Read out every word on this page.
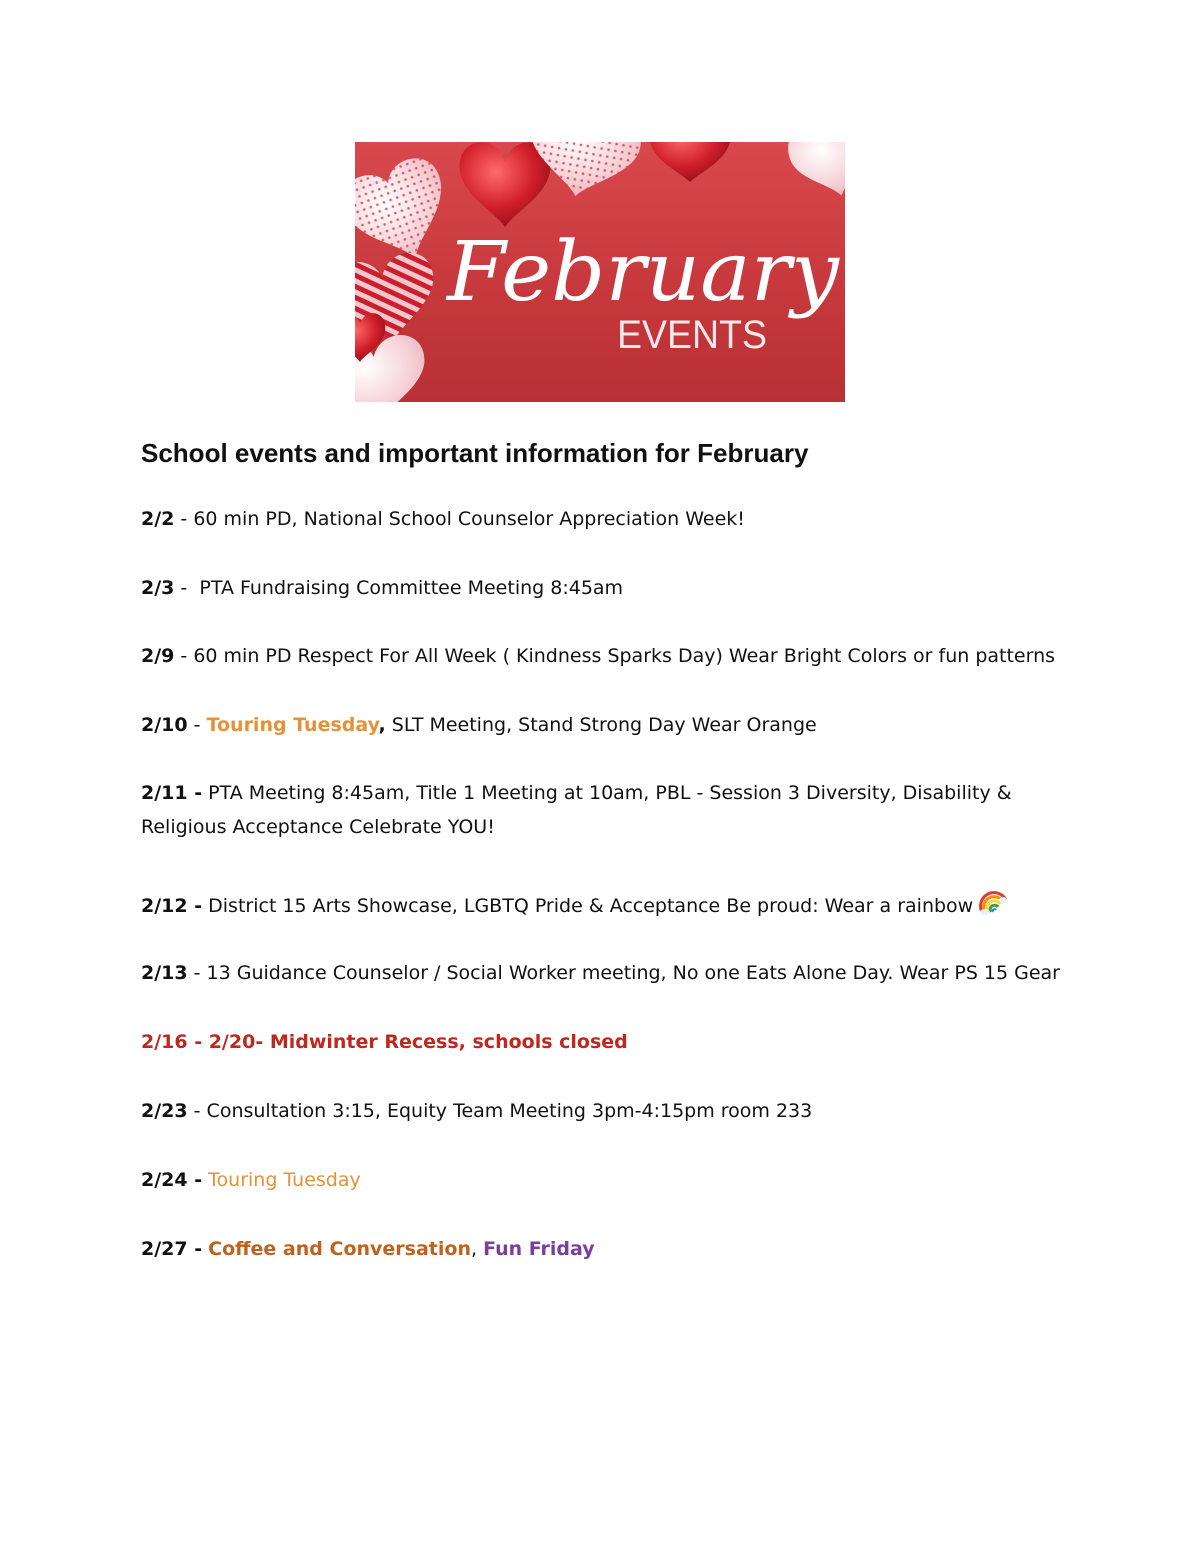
February
EVENTS
School events and important information for February
2/2 - 60 min PD, National School Counselor Appreciation Week!
2/3 -  PTA Fundraising Committee Meeting 8:45am
2/9 - 60 min PD Respect For All Week ( Kindness Sparks Day) Wear Bright Colors or fun patterns
2/10 - Touring Tuesday, SLT Meeting, Stand Strong Day Wear Orange
2/11 - PTA Meeting 8:45am, Title 1 Meeting at 10am, PBL - Session 3 Diversity, Disability & Religious Acceptance Celebrate YOU!
2/12 - District 15 Arts Showcase, LGBTQ Pride & Acceptance Be proud: Wear a rainbow
2/13 - 13 Guidance Counselor / Social Worker meeting, No one Eats Alone Day. Wear PS 15 Gear
2/16 - 2/20- Midwinter Recess, schools closed
2/23 - Consultation 3:15, Equity Team Meeting 3pm-4:15pm room 233
2/24 - Touring Tuesday
2/27 - Coffee and Conversation, Fun Friday
